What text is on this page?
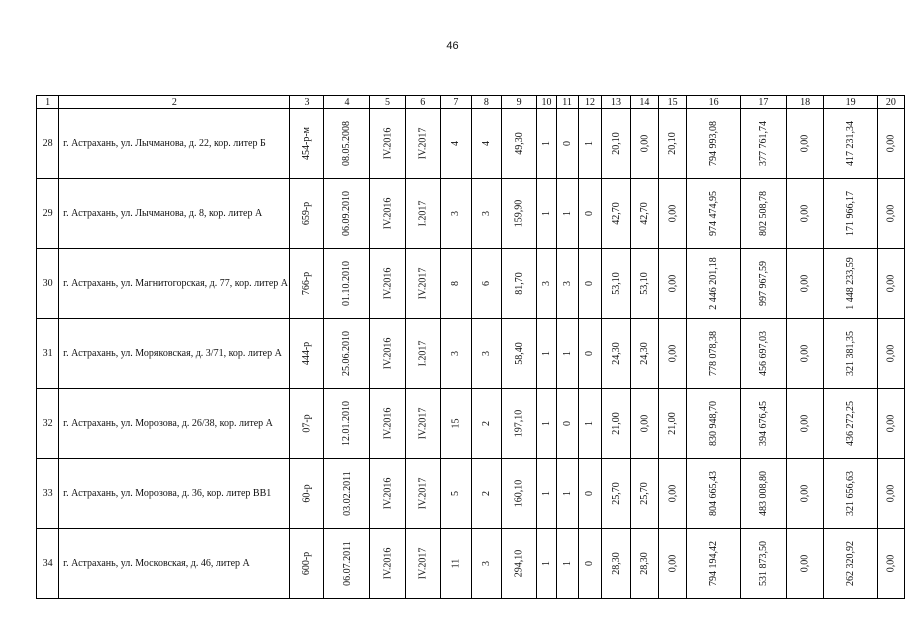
46
1	2	3	4	5	6	7	8	9	10	11	12	13	14	15	16	17	18	19	20
28	г. Астрахань, ул. Лычманова, д. 22, кор. литер Б	454-р-м	08.05.2008	IV.2016	IV.2017	4	4	49,30	1	0	1	20,10	0,00	20,10	794 993,08	377 761,74	0,00	417 231,34	0,00
29	г. Астрахань, ул. Лычманова, д. 8, кор. литер А	659-р	06.09.2010	IV.2016	I.2017	3	3	159,90	1	1	0	42,70	42,70	0,00	974 474,95	802 508,78	0,00	171 966,17	0,00
30	г. Астрахань, ул. Магнитогорская, д. 77, кор. литер А	766-р	01.10.2010	IV.2016	IV.2017	8	6	81,70	3	3	0	53,10	53,10	0,00	2 446 201,18	997 967,59	0,00	1 448 233,59	0,00
31	г. Астрахань, ул. Моряковская, д. 3/71, кор. литер А	444-р	25.06.2010	IV.2016	I.2017	3	3	58,40	1	1	0	24,30	24,30	0,00	778 078,38	456 697,03	0,00	321 381,35	0,00
32	г. Астрахань, ул. Морозова, д. 26/38, кор. литер А	07-р	12.01.2010	IV.2016	IV.2017	15	2	197,10	1	0	1	21,00	0,00	21,00	830 948,70	394 676,45	0,00	436 272,25	0,00
33	г. Астрахань, ул. Морозова, д. 36, кор. литер ВВ1	60-р	03.02.2011	IV.2016	IV.2017	5	2	160,10	1	1	0	25,70	25,70	0,00	804 665,43	483 008,80	0,00	321 656,63	0,00
34	г. Астрахань, ул. Московская, д. 46, литер А	600-р	06.07.2011	IV.2016	IV.2017	11	3	294,10	1	1	0	28,30	28,30	0,00	794 194,42	531 873,50	0,00	262 320,92	0,00
